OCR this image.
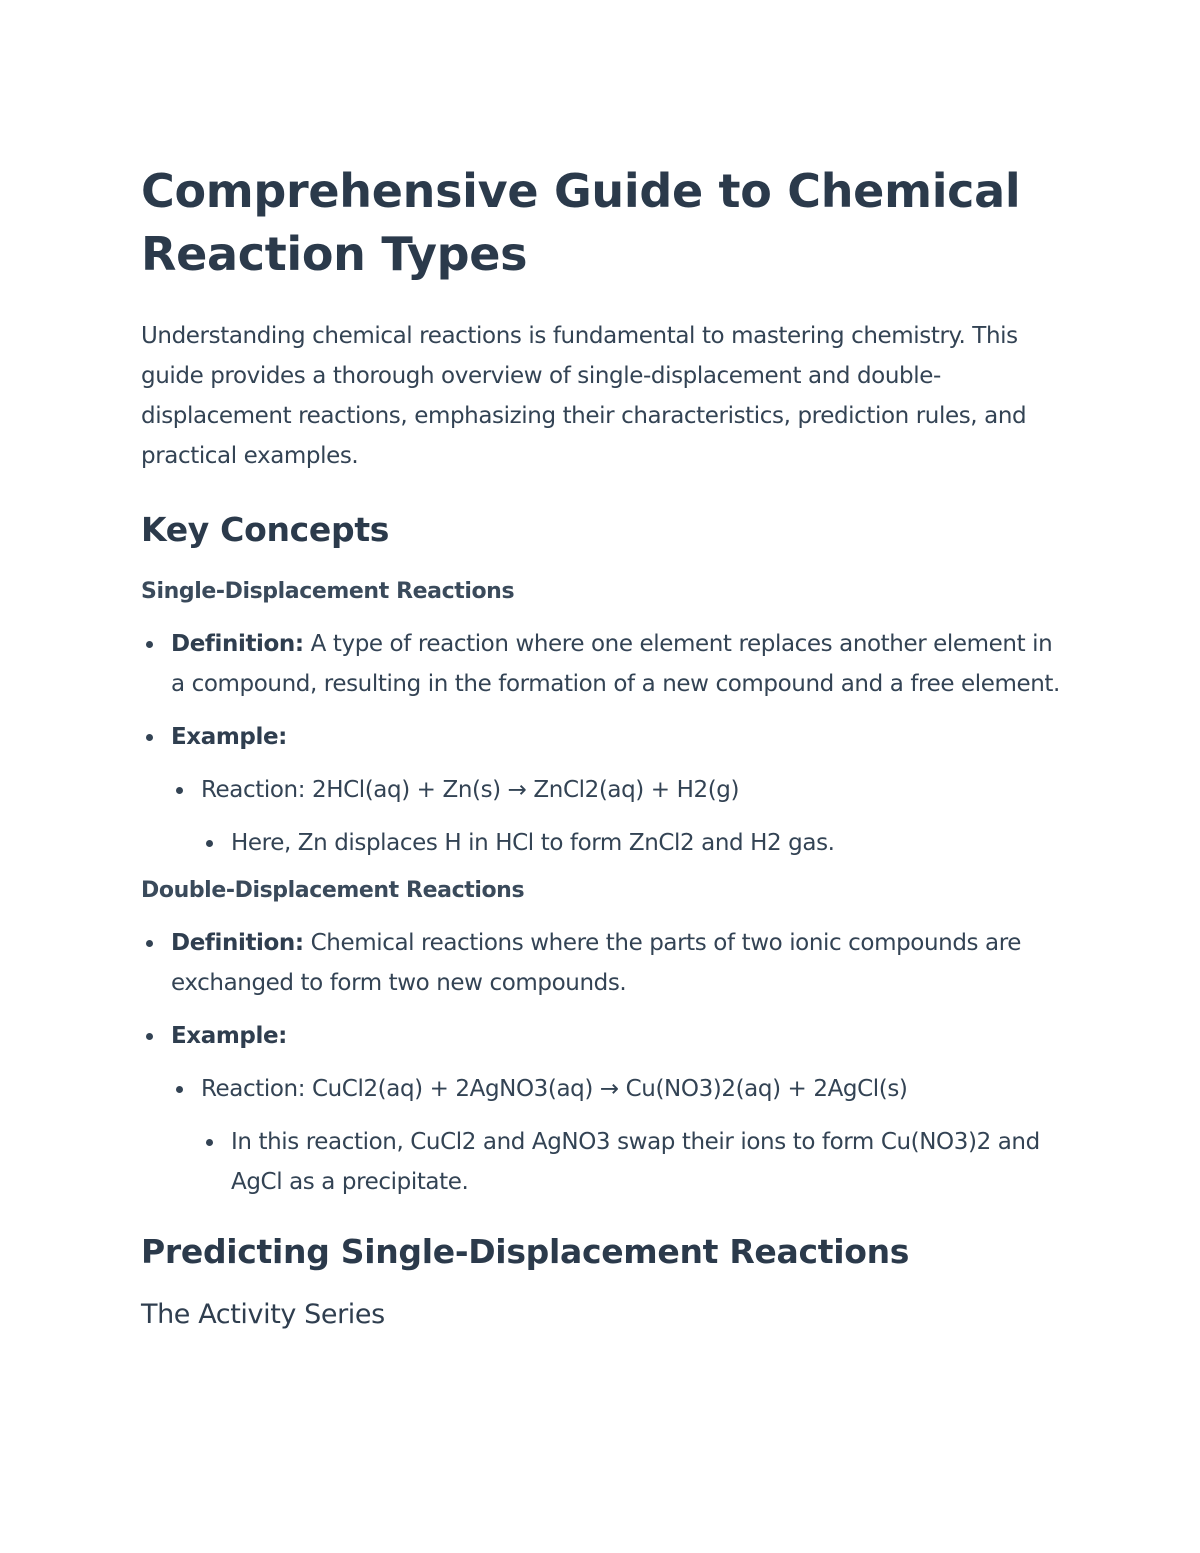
Comprehensive Guide to Chemical Reaction Types

Understanding chemical reactions is fundamental to mastering chemistry. This guide provides a thorough overview of single-displacement and double-displacement reactions, emphasizing their characteristics, prediction rules, and practical examples.

Key Concepts
Single-Displacement Reactions
Definition: A type of reaction where one element replaces another element in a compound, resulting in the formation of a new compound and a free element.
Example:
Reaction: 2HCl(aq) + Zn(s) → ZnCl2(aq) + H2(g)
Here, Zn displaces H in HCl to form ZnCl2 and H2 gas.
Double-Displacement Reactions
Definition: Chemical reactions where the parts of two ionic compounds are exchanged to form two new compounds.
Example:
Reaction: CuCl2(aq) + 2AgNO3(aq) → Cu(NO3)2(aq) + 2AgCl(s)
In this reaction, CuCl2 and AgNO3 swap their ions to form Cu(NO3)2 and AgCl as a precipitate.
Predicting Single-Displacement Reactions
The Activity Series
